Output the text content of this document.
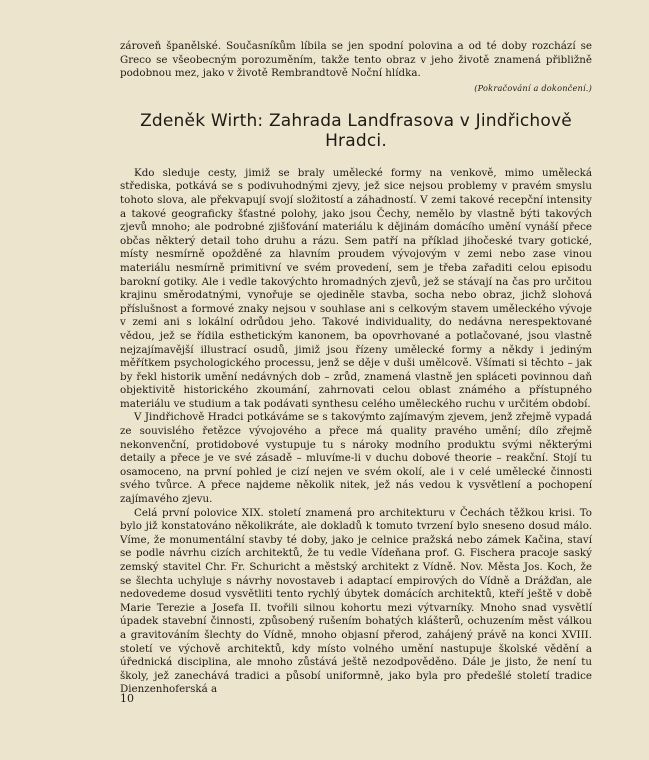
zároveň španělské. Současníkům líbila se jen spodní polovina a od té doby rozchází se Greco se všeobecným porozuměním, takže tento obraz v jeho životě znamená přibližně podobnou mez, jako v životě Rembrandtově Noční hlídka.

(Pokračování a dokončení.)

Zdeněk Wirth: Zahrada Landfrasova v Jindřichově Hradci.

Kdo sleduje cesty, jimiž se braly umělecké formy na venkově, mimo umělecká střediska, potkává se s podivuhodnými zjevy, jež sice nejsou problemy v pravém smyslu tohoto slova, ale překvapují svojí složitostí a záhadností. V zemi takové recepční intensity a takové geograficky šťastné polohy, jako jsou Čechy, nemělo by vlastně býti takových zjevů mnoho; ale podrobné zjišťování materiálu k dějinám domácího umění vynáší přece občas některý detail toho druhu a rázu. Sem patří na příklad jihočeské tvary gotické, místy nesmírně opožděné za hlavním proudem vývojovým v zemi nebo zase vinou materiálu nesmírně primitivní ve svém provedení, sem je třeba zařaditi celou episodu barokní gotiky. Ale i vedle takovýchto hromadných zjevů, jež se stávají na čas pro určitou krajinu směrodatnými, vynořuje se ojediněle stavba, socha nebo obraz, jichž slohová příslušnost a formové znaky nejsou v souhlase ani s celkovým stavem uměleckého vývoje v zemi ani s lokální odrůdou jeho. Takové individuality, do nedávna nerespektované vědou, jež se řídila esthetickým kanonem, ba opovrhované a potlačované, jsou vlastně nejzajímavější illustrací osudů, jimiž jsou řízeny umělecké formy a někdy i jediným měřítkem psychologického processu, jenž se děje v duši umělcově. Všímati si těchto – jak by řekl historik umění nedávných dob – zrůd, znamená vlastně jen spláceti povinnou daň objektivitě historického zkoumání, zahrnovati celou oblast známého a přístupného materiálu ve studium a tak podávati synthesu celého uměleckého ruchu v určitém období.

V Jindřichově Hradci potkáváme se s takovýmto zajímavým zjevem, jenž zřejmě vypadá ze souvislého řetězce vývojového a přece má quality pravého umění; dílo zřejmě nekonvenční, protidobové vystupuje tu s nároky modního produktu svými některými detaily a přece je ve své zásadě – mluvíme-li v duchu dobové theorie – reakční. Stojí tu osamoceno, na první pohled je cizí nejen ve svém okolí, ale i v celé umělecké činnosti svého tvůrce. A přece najdeme několik nitek, jež nás vedou k vysvětlení a pochopení zajímavého zjevu.

Celá první polovice XIX. století znamená pro architekturu v Čechách těžkou krisi. To bylo již konstatováno několikráte, ale dokladů k tomuto tvrzení bylo sneseno dosud málo. Víme, že monumentální stavby té doby, jako je celnice pražská nebo zámek Kačina, staví se podle návrhu cizích architektů, že tu vedle Vídeňana prof. G. Fischera pracoje saský zemský stavitel Chr. Fr. Schuricht a městský architekt z Vídně. Nov. Města Jos. Koch, že se šlechta uchyluje s návrhy novostaveb i adaptací empirových do Vídně a Drážďan, ale nedovedeme dosud vysvětliti tento rychlý úbytek domácích architektů, kteří ještě v době Marie Terezie a Josefa II. tvořili silnou kohortu mezi výtvarníky. Mnoho snad vysvětlí úpadek stavební činnosti, způsobený rušením bohatých klášterů, ochuzením měst válkou a gravitováním šlechty do Vídně, mnoho objasní přerod, zahájený právě na konci XVIII. století ve výchově architektů, kdy místo volného umění nastupuje školské vědění a úřednická disciplina, ale mnoho zůstává ještě nezodpověděno. Dále je jisto, že není tu školy, jež zanechává tradici a působí uniformně, jako byla pro předešlé století tradice Dienzenhoferská a

10
